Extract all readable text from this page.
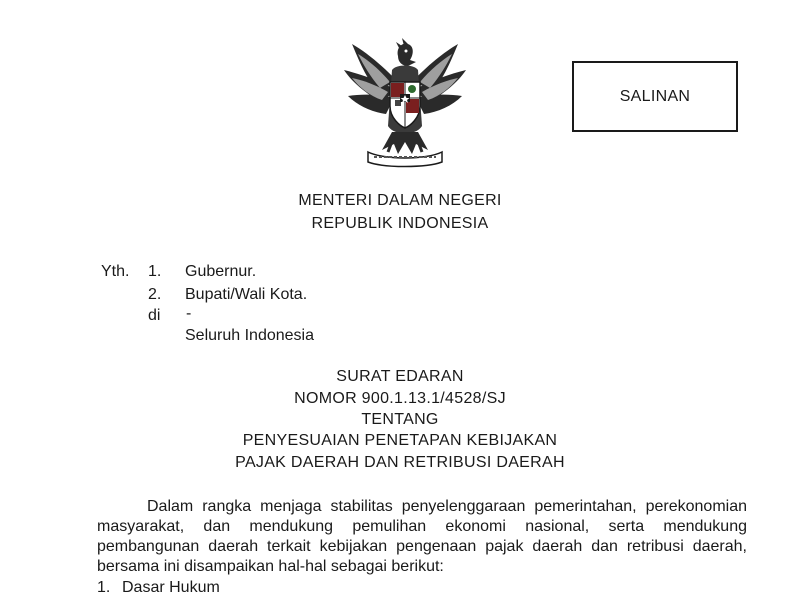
SALINAN
MENTERI DALAM NEGERI
REPUBLIK INDONESIA
Yth. 1. Gubernur.
2. Bupati/Wali Kota.
di -
Seluruh Indonesia
SURAT EDARAN
NOMOR 900.1.13.1/4528/SJ
TENTANG
PENYESUAIAN PENETAPAN KEBIJAKAN
PAJAK DAERAH DAN RETRIBUSI DAERAH
Dalam rangka menjaga stabilitas penyelenggaraan pemerintahan, perekonomian masyarakat, dan mendukung pemulihan ekonomi nasional, serta mendukung pembangunan daerah terkait kebijakan pengenaan pajak daerah dan retribusi daerah, bersama ini disampaikan hal-hal sebagai berikut:
1. Dasar Hukum
